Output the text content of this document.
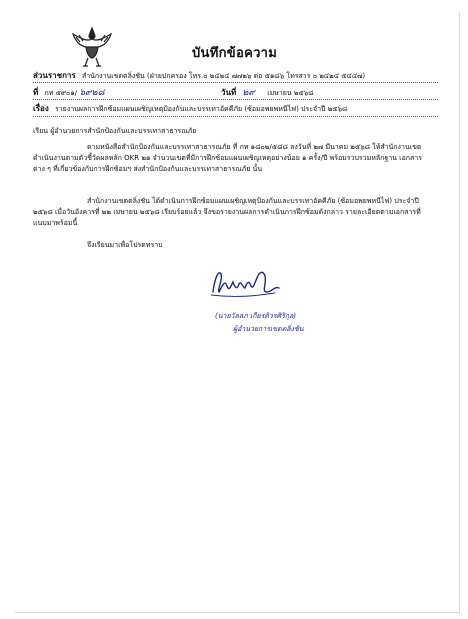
บันทึกข้อความ
ส่วนราชการ สำนักงานเขตตลิ่งชัน (ฝ่ายปกครอง โทร.๐ ๒๔๒๔ ๗๗๒๖ ต่อ ๕๑๘๖ โทรสาร ๐ ๒๔๒๔ ๕๔๔๗)
ที่ กท ๕๙๐๑/ ๖๙๒๘	วันที่ ๒๙ เมษายน ๒๕๖๘
เรื่อง รายงานผลการฝึกซ้อมแผนเผชิญเหตุป้องกันและบรรเทาอัคคีภัย (ซ้อมอพยพหนีไฟ) ประจำปี ๒๕๖๘
เรียน ผู้อำนวยการสำนักป้องกันและบรรเทาสาธารณภัย
ตามหนังสือสำนักป้องกันและบรรเทาสาธารณภัย ที่ กท ๑๘๐๒/๕๘๘ ลงวันที่ ๒๗ มีนาคม ๒๕๖๘ ให้สำนักงานเขตดำเนินงานตามตัวชี้วัดผลหลัก OKR ๒๑ จำนวนเขตที่มีการฝึกซ้อมแผนเผชิญเหตุอย่างน้อย ๑ ครั้ง/ปี พร้อมรวบรวมหลักฐาน เอกสารต่าง ๆ ที่เกี่ยวข้องกับการฝึกซ้อมฯ ส่งสำนักป้องกันและบรรเทาสาธารณภัย นั้น
สำนักงานเขตตลิ่งชัน ได้ดำเนินการฝึกซ้อมแผนเผชิญเหตุป้องกันและบรรเทาอัคคีภัย (ซ้อมอพยพหนีไฟ) ประจำปี ๒๕๖๘ เมื่อวันอังคารที่ ๒๒ เมษายน ๒๕๖๘ เรียบร้อยแล้ว จึงขอรายงานผลการดำเนินการฝึกซ้อมดังกล่าว รายละเอียดตามเอกสารที่แนบมาพร้อมนี้
จึงเรียนมาเพื่อโปรดทราบ
(นายวัลลภ เกียรติวรศิริกุล)
ผู้อำนวยการเขตตลิ่งชัน
